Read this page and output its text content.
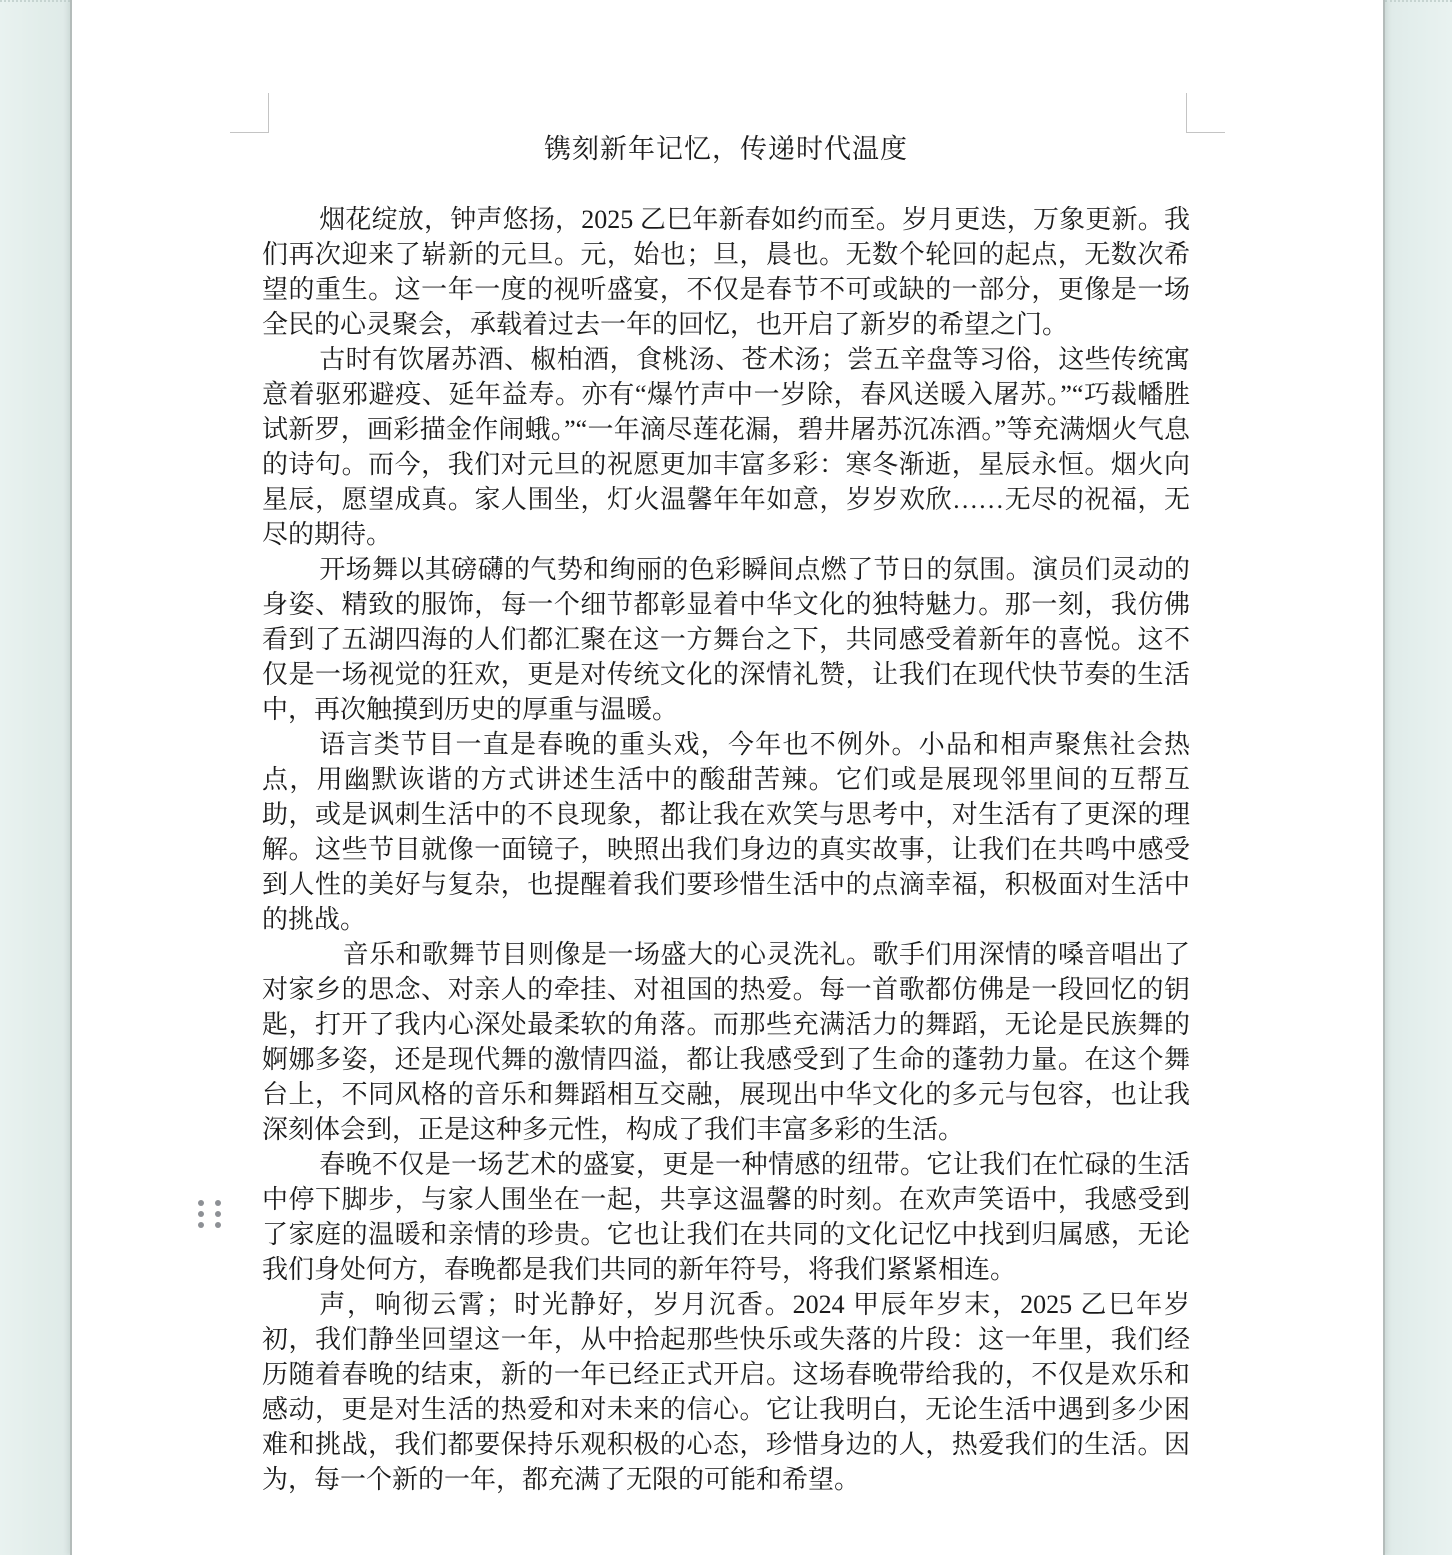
镌刻新年记忆，传递时代温度

烟花绽放，钟声悠扬，2025 乙巳年新春如约而至。岁月更迭，万象更新。我们再次迎来了崭新的元旦。元，始也；旦，晨也。无数个轮回的起点，无数次希望的重生。这一年一度的视听盛宴，不仅是春节不可或缺的一部分，更像是一场全民的心灵聚会，承载着过去一年的回忆，也开启了新岁的希望之门。

古时有饮屠苏酒、椒柏酒，食桃汤、苍术汤；尝五辛盘等习俗，这些传统寓意着驱邪避疫、延年益寿。亦有“爆竹声中一岁除，春风送暖入屠苏。”“巧裁幡胜试新罗，画彩描金作闹蛾。”“一年滴尽莲花漏，碧井屠苏沉冻酒。”等充满烟火气息的诗句。而今，我们对元旦的祝愿更加丰富多彩：寒冬渐逝，星辰永恒。烟火向星辰，愿望成真。家人围坐，灯火温馨年年如意，岁岁欢欣……无尽的祝福，无尽的期待。

开场舞以其磅礴的气势和绚丽的色彩瞬间点燃了节日的氛围。演员们灵动的身姿、精致的服饰，每一个细节都彰显着中华文化的独特魅力。那一刻，我仿佛看到了五湖四海的人们都汇聚在这一方舞台之下，共同感受着新年的喜悦。这不仅是一场视觉的狂欢，更是对传统文化的深情礼赞，让我们在现代快节奏的生活中，再次触摸到历史的厚重与温暖。

语言类节目一直是春晚的重头戏，今年也不例外。小品和相声聚焦社会热点，用幽默诙谐的方式讲述生活中的酸甜苦辣。它们或是展现邻里间的互帮互助，或是讽刺生活中的不良现象，都让我在欢笑与思考中，对生活有了更深的理解。这些节目就像一面镜子，映照出我们身边的真实故事，让我们在共鸣中感受到人性的美好与复杂，也提醒着我们要珍惜生活中的点滴幸福，积极面对生活中的挑战。

音乐和歌舞节目则像是一场盛大的心灵洗礼。歌手们用深情的嗓音唱出了对家乡的思念、对亲人的牵挂、对祖国的热爱。每一首歌都仿佛是一段回忆的钥匙，打开了我内心深处最柔软的角落。而那些充满活力的舞蹈，无论是民族舞的婀娜多姿，还是现代舞的激情四溢，都让我感受到了生命的蓬勃力量。在这个舞台上，不同风格的音乐和舞蹈相互交融，展现出中华文化的多元与包容，也让我深刻体会到，正是这种多元性，构成了我们丰富多彩的生活。

春晚不仅是一场艺术的盛宴，更是一种情感的纽带。它让我们在忙碌的生活中停下脚步，与家人围坐在一起，共享这温馨的时刻。在欢声笑语中，我感受到了家庭的温暖和亲情的珍贵。它也让我们在共同的文化记忆中找到归属感，无论我们身处何方，春晚都是我们共同的新年符号，将我们紧紧相连。

声，响彻云霄；时光静好，岁月沉香。2024 甲辰年岁末，2025 乙巳年岁初，我们静坐回望这一年，从中拾起那些快乐或失落的片段：这一年里，我们经历随着春晚的结束，新的一年已经正式开启。这场春晚带给我的，不仅是欢乐和感动，更是对生活的热爱和对未来的信心。它让我明白，无论生活中遇到多少困难和挑战，我们都要保持乐观积极的心态，珍惜身边的人，热爱我们的生活。因为，每一个新的一年，都充满了无限的可能和希望。
